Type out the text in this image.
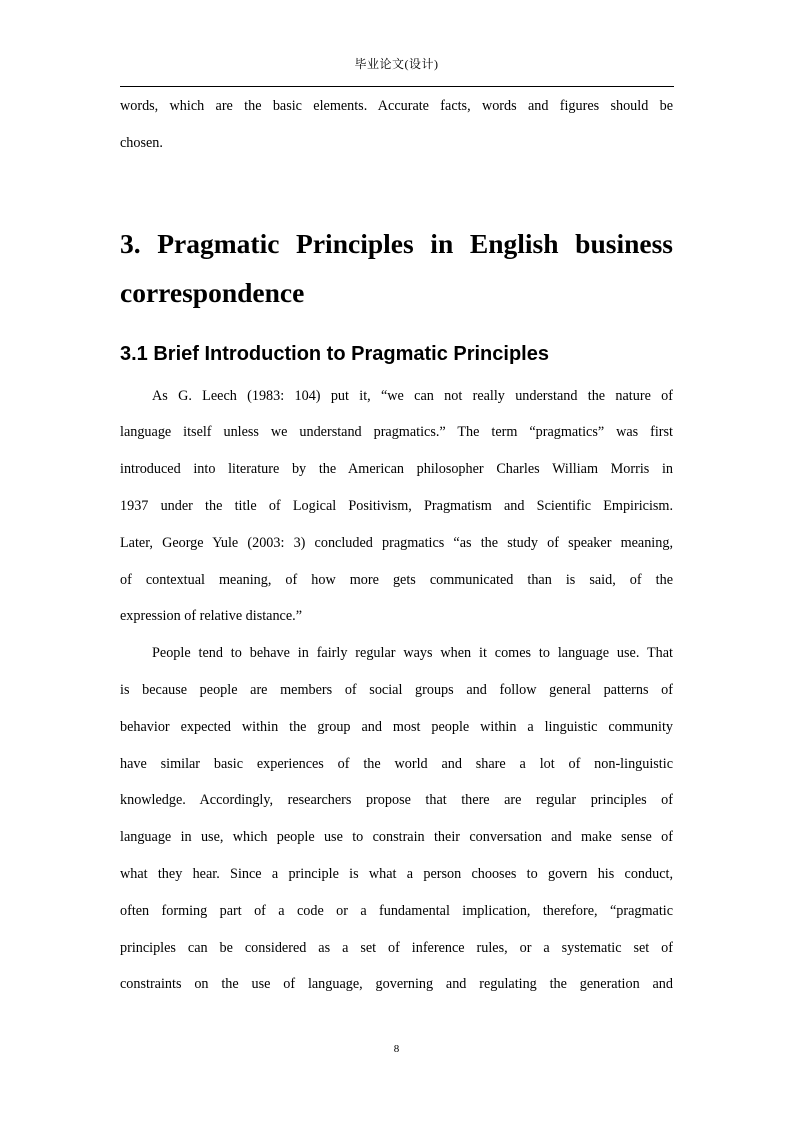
毕业论文(设计)

words, which are the basic elements. Accurate facts, words and figures should be

chosen.

3. Pragmatic Principles in English business
correspondence
3.1 Brief Introduction to Pragmatic Principles

As G. Leech (1983: 104) put it, “we can not really understand the nature of

language itself unless we understand pragmatics.” The term “pragmatics” was first

introduced into literature by the American philosopher Charles William Morris in

1937 under the title of Logical Positivism, Pragmatism and Scientific Empiricism.

Later, George Yule (2003: 3) concluded pragmatics “as the study of speaker meaning,

of contextual meaning, of how more gets communicated than is said, of the

expression of relative distance.”

People tend to behave in fairly regular ways when it comes to language use. That

is because people are members of social groups and follow general patterns of

behavior expected within the group and most people within a linguistic community

have similar basic experiences of the world and share a lot of non-linguistic

knowledge. Accordingly, researchers propose that there are regular principles of

language in use, which people use to constrain their conversation and make sense of

what they hear. Since a principle is what a person chooses to govern his conduct,

often forming part of a code or a fundamental implication, therefore, “pragmatic

principles can be considered as a set of inference rules, or a systematic set of

constraints on the use of language, governing and regulating the generation and

8
